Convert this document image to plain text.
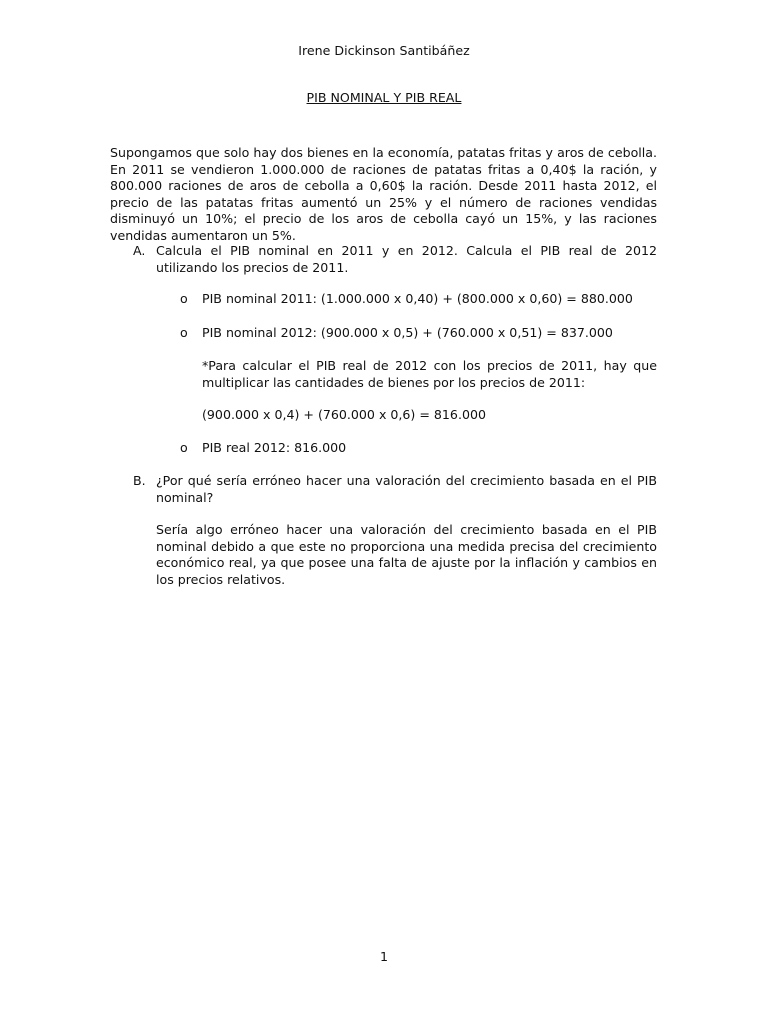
Irene Dickinson Santibáñez
PIB NOMINAL Y PIB REAL

Supongamos que solo hay dos bienes en la economía, patatas fritas y aros de cebolla. En 2011 se vendieron 1.000.000 de raciones de patatas fritas a 0,40$ la ración, y 800.000 raciones de aros de cebolla a 0,60$ la ración. Desde 2011 hasta 2012, el precio de las patatas fritas aumentó un 25% y el número de raciones vendidas disminuyó un 10%; el precio de los aros de cebolla cayó un 15%, y las raciones vendidas aumentaron un 5%.

A. Calcula el PIB nominal en 2011 y en 2012. Calcula el PIB real de 2012 utilizando los precios de 2011.

o PIB nominal 2011: (1.000.000 x 0,40) + (800.000 x 0,60) = 880.000

o PIB nominal 2012: (900.000 x 0,5) + (760.000 x 0,51) = 837.000

*Para calcular el PIB real de 2012 con los precios de 2011, hay que multiplicar las cantidades de bienes por los precios de 2011:

(900.000 x 0,4) + (760.000 x 0,6) = 816.000

o PIB real 2012: 816.000

B. ¿Por qué sería erróneo hacer una valoración del crecimiento basada en el PIB nominal?

Sería algo erróneo hacer una valoración del crecimiento basada en el PIB nominal debido a que este no proporciona una medida precisa del crecimiento económico real, ya que posee una falta de ajuste por la inflación y cambios en los precios relativos.

1
